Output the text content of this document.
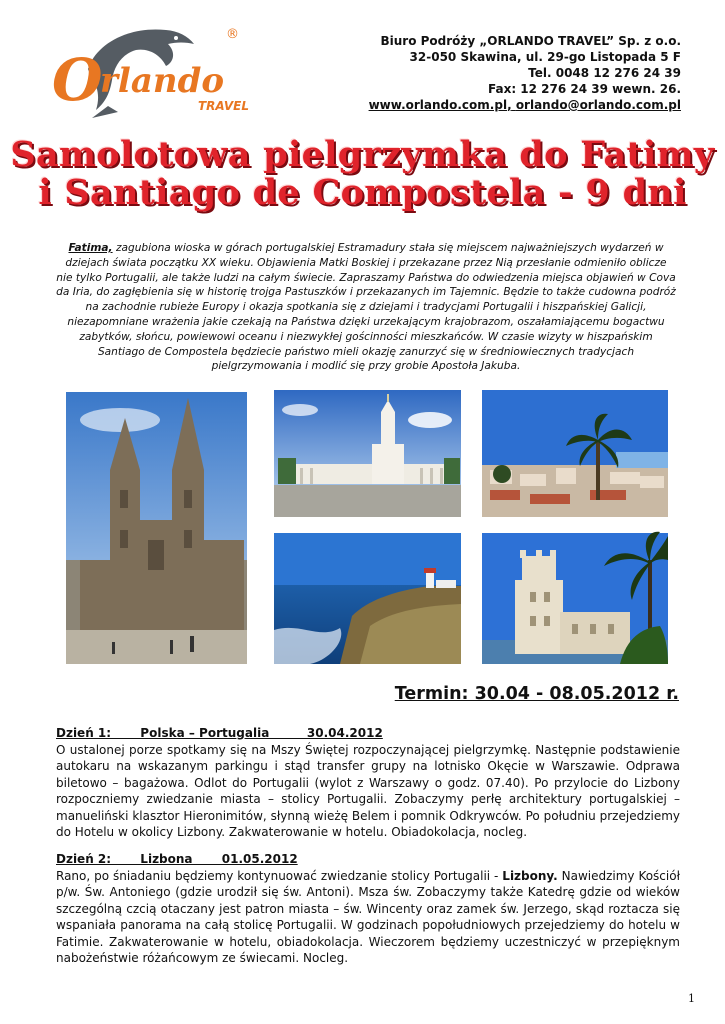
O
rlando
®
TRAVEL
Biuro Podróży „ORLANDO TRAVEL” Sp. z o.o.
32-050 Skawina, ul. 29-go Listopada 5 F
Tel. 0048 12 276 24 39
Fax: 12 276 24 39 wewn. 26.
www.orlando.com.pl, orlando@orlando.com.pl
Samolotowa pielgrzymka do Fatimy
i Santiago de Compostela - 9 dni
Fatima, zagubiona wioska w górach portugalskiej Estramadury stała się miejscem najważniejszych wydarzeń w dziejach świata początku XX wieku. Objawienia Matki Boskiej i przekazane przez Nią przesłanie odmieniło oblicze nie tylko Portugalii, ale także ludzi na całym świecie. Zapraszamy Państwa do odwiedzenia miejsca objawień w Cova da Iria, do zagłębienia się w historię trojga Pastuszków i przekazanych im Tajemnic. Będzie to także cudowna podróż na zachodnie rubieże Europy i okazja spotkania się z dziejami i tradycjami Portugalii i hiszpańskiej Galicji, niezapomniane wrażenia jakie czekają na Państwa dzięki urzekającym krajobrazom, oszałamiającemu bogactwu zabytków, słońcu, powiewowi oceanu i niezwykłej gościnności mieszkańców. W czasie wizyty w hiszpańskim Santiago de Compostela będziecie państwo mieli okazję zanurzyć się w średniowiecznych tradycjach pielgrzymowania i modlić się przy grobie Apostoła Jakuba.
Termin: 30.04 - 08.05.2012 r.
Dzień 1:       Polska – Portugalia         30.04.2012
O ustalonej porze spotkamy się na Mszy Świętej rozpoczynającej pielgrzymkę. Następnie podstawienie autokaru na wskazanym parkingu i stąd transfer grupy na lotnisko Okęcie w Warszawie. Odprawa biletowo – bagażowa. Odlot do Portugalii (wylot z Warszawy o godz. 07.40). Po przylocie do Lizbony rozpoczniemy zwiedzanie miasta – stolicy Portugalii. Zobaczymy perłę architektury portugalskiej – manueliński klasztor Hieronimitów, słynną wieżę Belem i pomnik Odkrywców. Po południu przejedziemy do Hotelu w okolicy Lizbony. Zakwaterowanie w hotelu. Obiadokolacja, nocleg.
Dzień 2:       Lizbona       01.05.2012
Rano, po śniadaniu będziemy kontynuować zwiedzanie stolicy Portugalii - Lizbony. Nawiedzimy Kościół p/w. Św. Antoniego (gdzie urodził się św. Antoni). Msza św. Zobaczymy także Katedrę gdzie od wieków szczególną czcią otaczany jest patron miasta – św. Wincenty oraz zamek św. Jerzego, skąd roztacza się wspaniała panorama na całą stolicę Portugalii. W godzinach popołudniowych przejedziemy do hotelu w Fatimie. Zakwaterowanie w hotelu, obiadokolacja. Wieczorem będziemy uczestniczyć w przepięknym nabożeństwie różańcowym ze świecami. Nocleg.
1
